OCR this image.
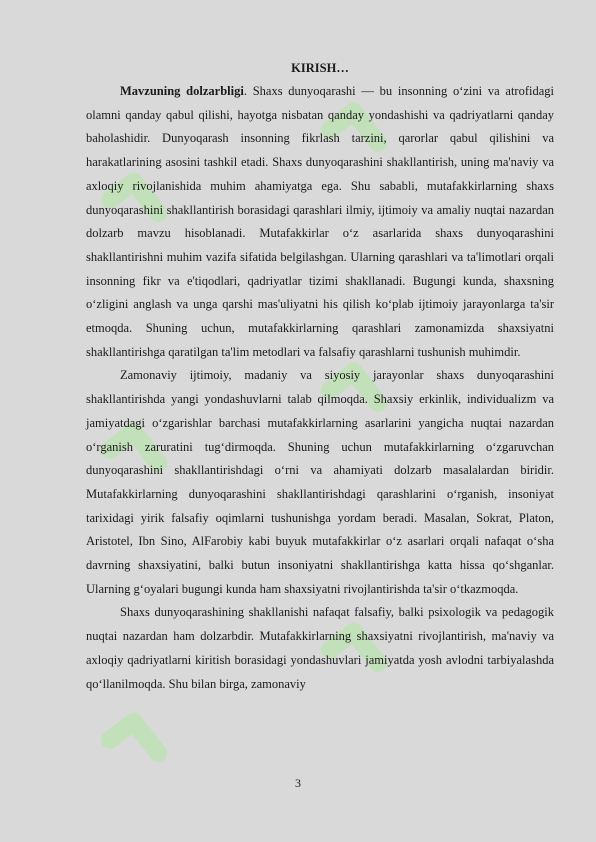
KIRISH…

Mavzuning dolzarbligi. Shaxs dunyoqarashi — bu insonning o‘zini va atrofidagi olamni qanday qabul qilishi, hayotga nisbatan qanday yondashishi va qadriyatlarni qanday baholashidir. Dunyoqarash insonning fikrlash tarzini, qarorlar qabul qilishini va harakatlarining asosini tashkil etadi. Shaxs dunyoqarashini shakllantirish, uning ma'naviy va axloqiy rivojlanishida muhim ahamiyatga ega. Shu sababli, mutafakkirlarning shaxs dunyoqarashini shakllantirish borasidagi qarashlari ilmiy, ijtimoiy va amaliy nuqtai nazardan dolzarb mavzu hisoblanadi. Mutafakkirlar o‘z asarlarida shaxs dunyoqarashini shakllantirishni muhim vazifa sifatida belgilashgan. Ularning qarashlari va ta'limotlari orqali insonning fikr va e'tiqodlari, qadriyatlar tizimi shakllanadi. Bugungi kunda, shaxsning o‘zligini anglash va unga qarshi mas'uliyatni his qilish ko‘plab ijtimoiy jarayonlarga ta'sir etmoqda. Shuning uchun, mutafakkirlarning qarashlari zamonamizda shaxsiyatni shakllantirishga qaratilgan ta'lim metodlari va falsafiy qarashlarni tushunish muhimdir.

Zamonaviy ijtimoiy, madaniy va siyosiy jarayonlar shaxs dunyoqarashini shakllantirishda yangi yondashuvlarni talab qilmoqda. Shaxsiy erkinlik, individualizm va jamiyatdagi o‘zgarishlar barchasi mutafakkirlarning asarlarini yangicha nuqtai nazardan o‘rganish zaruratini tug‘dirmoqda. Shuning uchun mutafakkirlarning o‘zgaruvchan dunyoqarashini shakllantirishdagi o‘rni va ahamiyati dolzarb masalalardan biridir. Mutafakkirlarning dunyoqarashini shakllantirishdagi qarashlarini o‘rganish, insoniyat tarixidagi yirik falsafiy oqimlarni tushunishga yordam beradi. Masalan, Sokrat, Platon, Aristotel, Ibn Sino, AlFarobiy kabi buyuk mutafakkirlar o‘z asarlari orqali nafaqat o‘sha davrning shaxsiyatini, balki butun insoniyatni shakllantirishga katta hissa qo‘shganlar. Ularning g‘oyalari bugungi kunda ham shaxsiyatni rivojlantirishda ta'sir o‘tkazmoqda.

Shaxs dunyoqarashining shakllanishi nafaqat falsafiy, balki psixologik va pedagogik nuqtai nazardan ham dolzarbdir. Mutafakkirlarning shaxsiyatni rivojlantirish, ma'naviy va axloqiy qadriyatlarni kiritish borasidagi yondashuvlari jamiyatda yosh avlodni tarbiyalashda qo‘llanilmoqda. Shu bilan birga, zamonaviy

3
